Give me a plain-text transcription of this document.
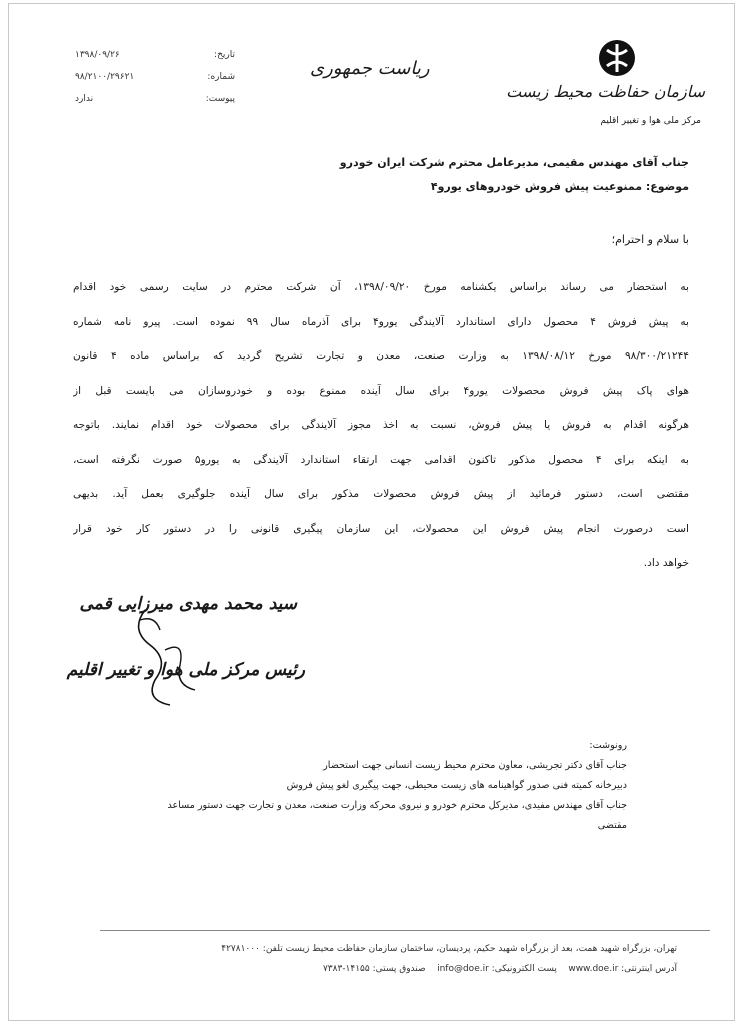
سازمان حفاظت محیط زیست
مرکز ملی هوا و تغییر اقلیم
ریاست جمهوری
۱۳۹۸/۰۹/۲۶	تاریخ:
۹۸/۲۱۰۰/۲۹۶۲۱	شماره:
ندارد	پیوست:
جناب آقای مهندس مقیمی، مدیرعامل محترم شرکت ایران خودرو
موضوع: ممنوعیت پیش فروش خودروهای یورو۴
با سلام و احترام؛
به استحضار می رساند براساس یکشنامه مورخ ۱۳۹۸/۰۹/۲۰، آن شرکت محترم در سایت رسمی خود اقدام
به پیش فروش ۴ محصول دارای استاندارد آلایندگی یورو۴ برای آذرماه سال ۹۹ نموده است. پیرو نامه شماره
۹۸/۳۰۰/۲۱۲۴۴ مورخ ۱۳۹۸/۰۸/۱۲ به وزارت صنعت، معدن و تجارت تشریح گردید که براساس ماده ۴ قانون
هوای پاک پیش فروش محصولات یورو۴ برای سال آینده ممنوع بوده و خودروسازان می بایست قبل از
هرگونه اقدام به فروش یا پیش فروش، نسبت به اخذ مجوز آلایندگی برای محصولات خود اقدام نمایند. باتوجه
به اینکه برای ۴ محصول مذکور تاکنون اقدامی جهت ارتقاء استاندارد آلایندگی به یورو۵ صورت نگرفته است،
مقتضی است، دستور فرمائید از پیش فروش محصولات مذکور برای سال آینده جلوگیری بعمل آید. بدیهی
است درصورت انجام پیش فروش این محصولات، این سازمان پیگیری قانونی را در دستور کار خود قرار
خواهد داد.
سید محمد مهدی میرزایی قمی
رئیس مرکز ملی هوا و تغییر اقلیم
رونوشت:
جناب آقای دکتر تجریشی، معاون محترم محیط زیست انسانی جهت استحضار
دبیرخانه کمیته فنی صدور گواهینامه های زیست محیطی، جهت پیگیری لغو پیش فروش
جناب آقای مهندس مفیدی، مدیرکل محترم خودرو و نیروی محرکه وزارت صنعت، معدن و تجارت جهت دستور مساعد
مقتضی
تهران، بزرگراه شهید همت، بعد از بزرگراه شهید حکیم، پردیسان، ساختمان سازمان حفاظت محیط زیست تلفن: ۴۲۷۸۱۰۰۰
آدرس اینترنتی: www.doe.ir    پست الکترونیکی: info@doe.ir    صندوق پستی: ۱۴۱۵۵-۷۳۸۳
